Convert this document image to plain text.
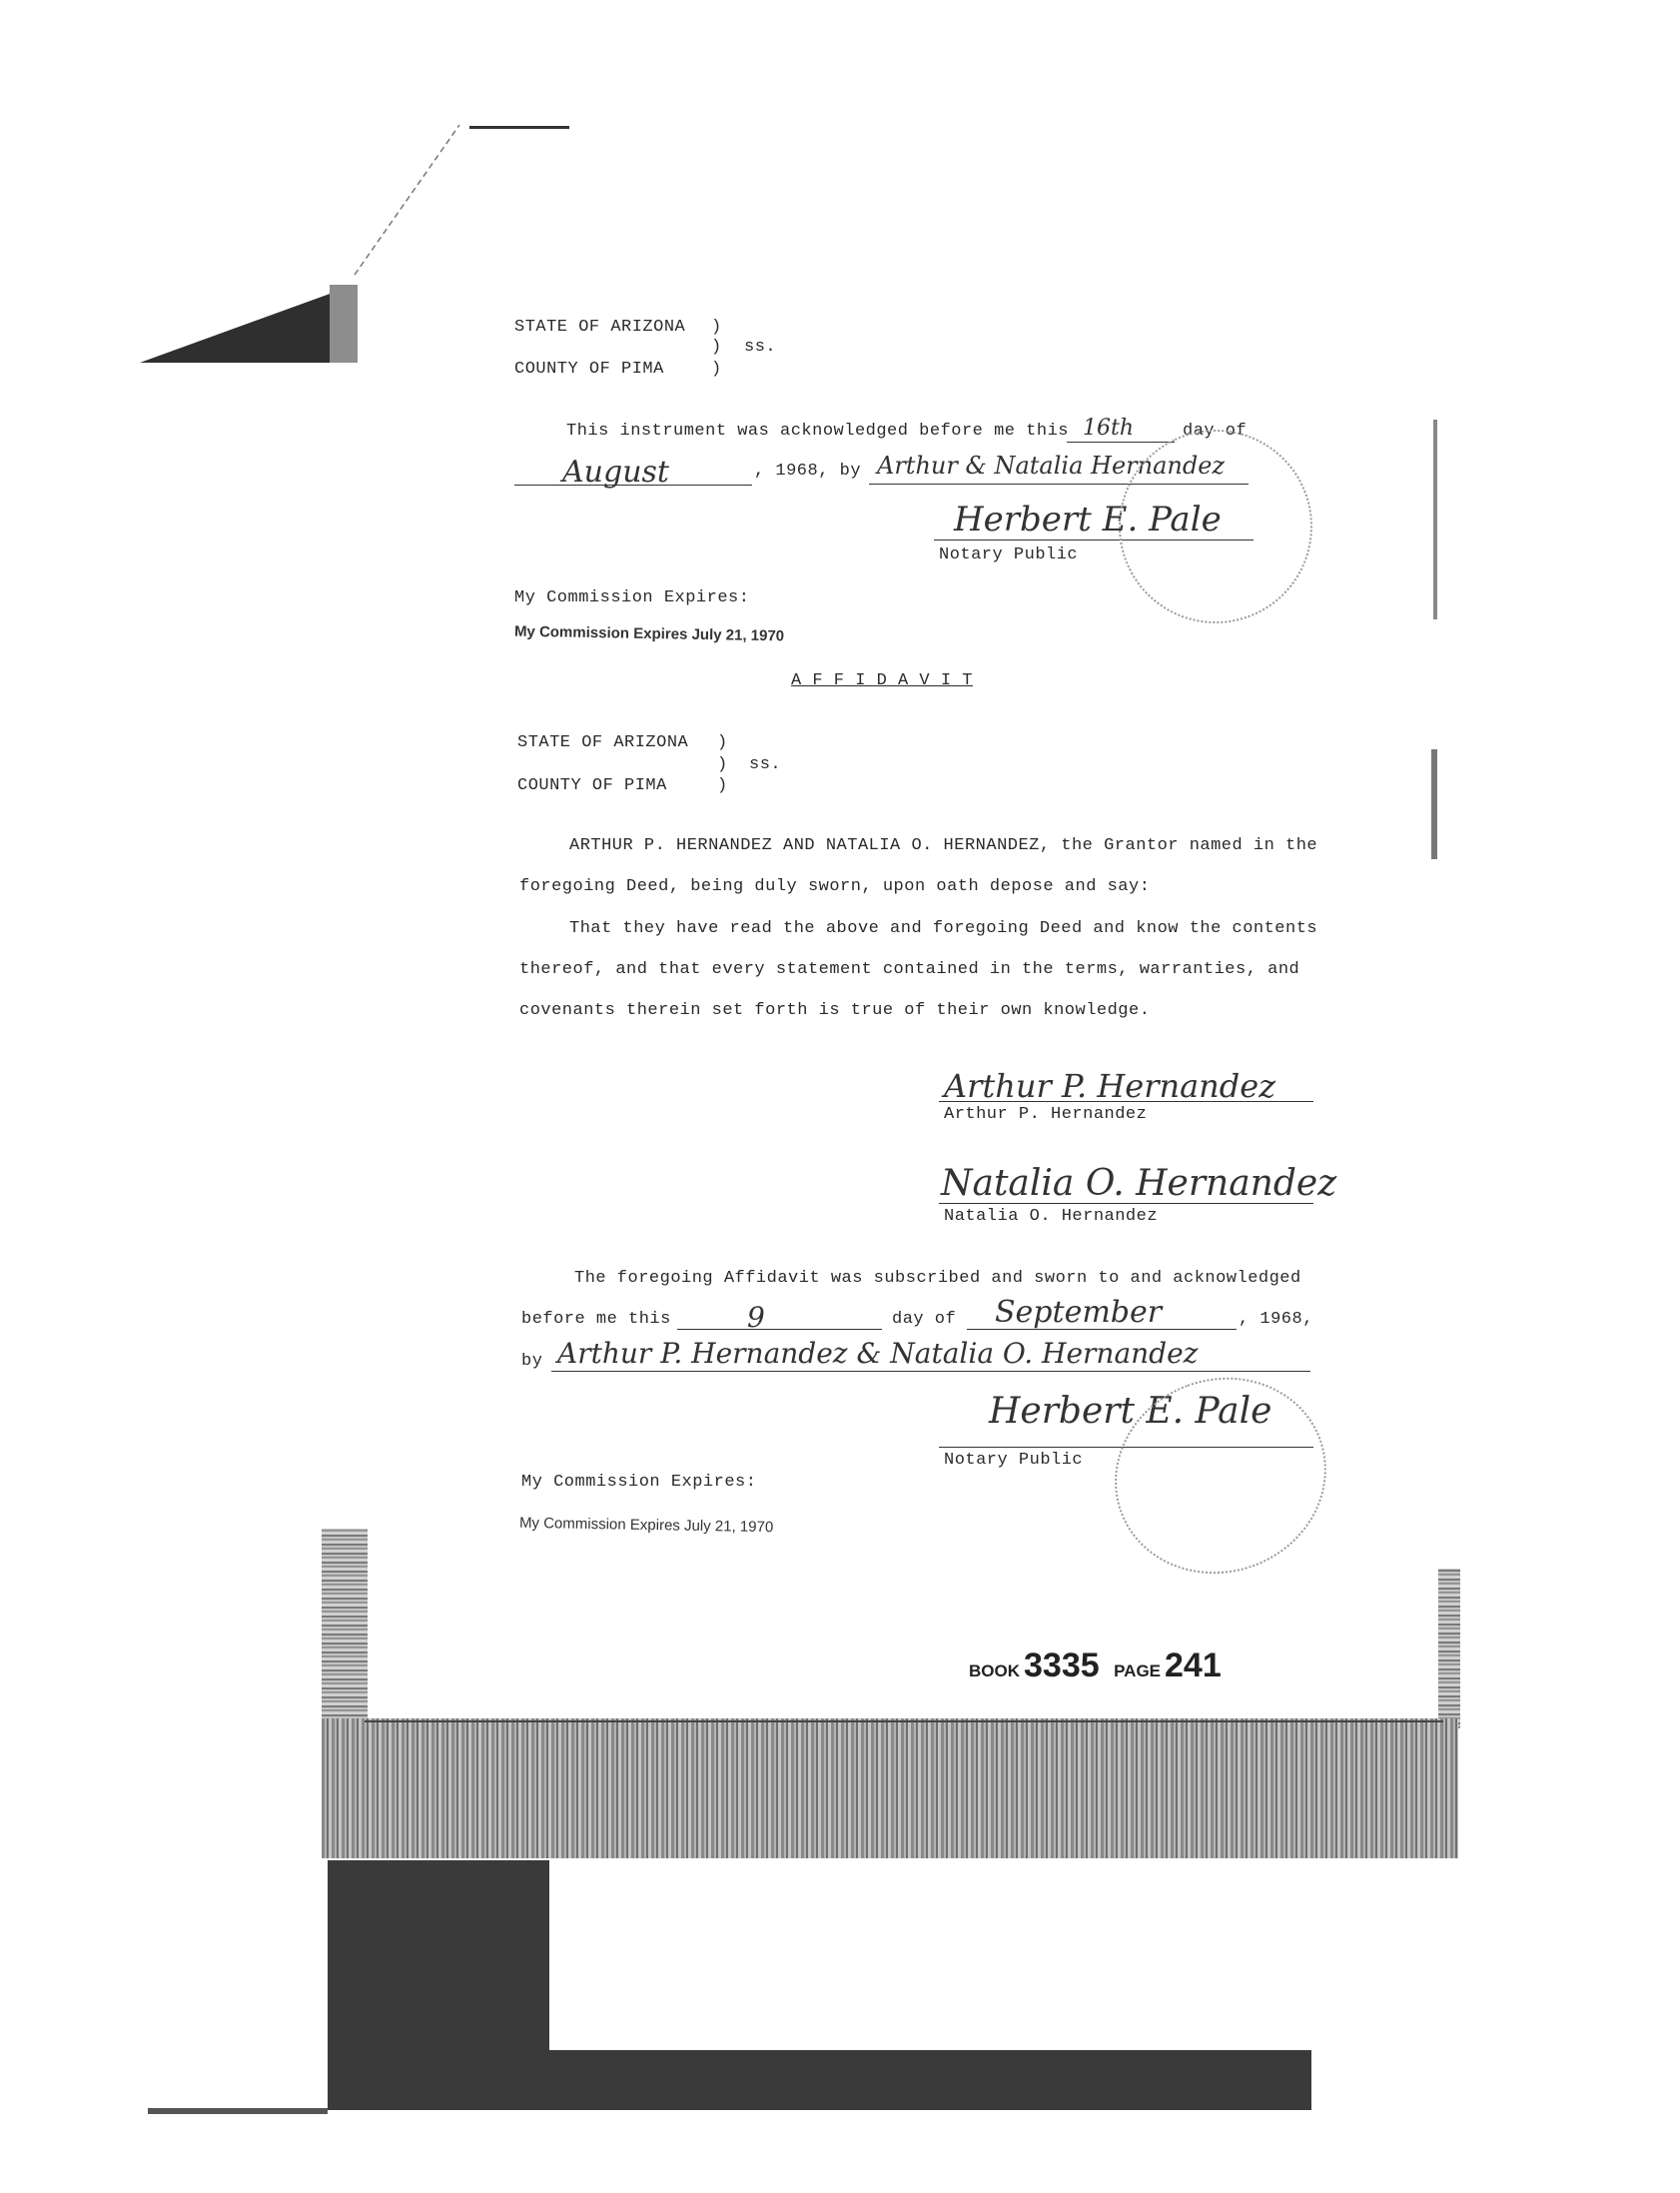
STATE OF ARIZONA )
) ss.
COUNTY OF PIMA	)
This instrument was acknowledged before me this 16th	day of
August	, 1968, by Arthur & Natalia Hernandez
Herbert E. Pale
Notary Public
My Commission Expires:
My Commission Expires July 21, 1970
A F F I D A V I T
STATE OF ARIZONA )
) ss.
COUNTY OF PIMA	)
ARTHUR P. HERNANDEZ AND NATALIA O. HERNANDEZ, the Grantor named in the
foregoing Deed, being duly sworn, upon oath depose and say:
That they have read the above and foregoing Deed and know the contents
thereof, and that every statement contained in the terms, warranties, and
covenants therein set forth is true of their own knowledge.
Arthur P. Hernandez
Arthur P. Hernandez
Natalia O. Hernandez
Natalia O. Hernandez
The foregoing Affidavit was subscribed and sworn to and acknowledged
before me this	9	day of	September	, 1968,
by Arthur P. Hernandez & Natalia O. Hernandez
Herbert E. Pale
Notary Public
My Commission Expires:
My Commission Expires July 21, 1970
BOOK 3335 PAGE 241
